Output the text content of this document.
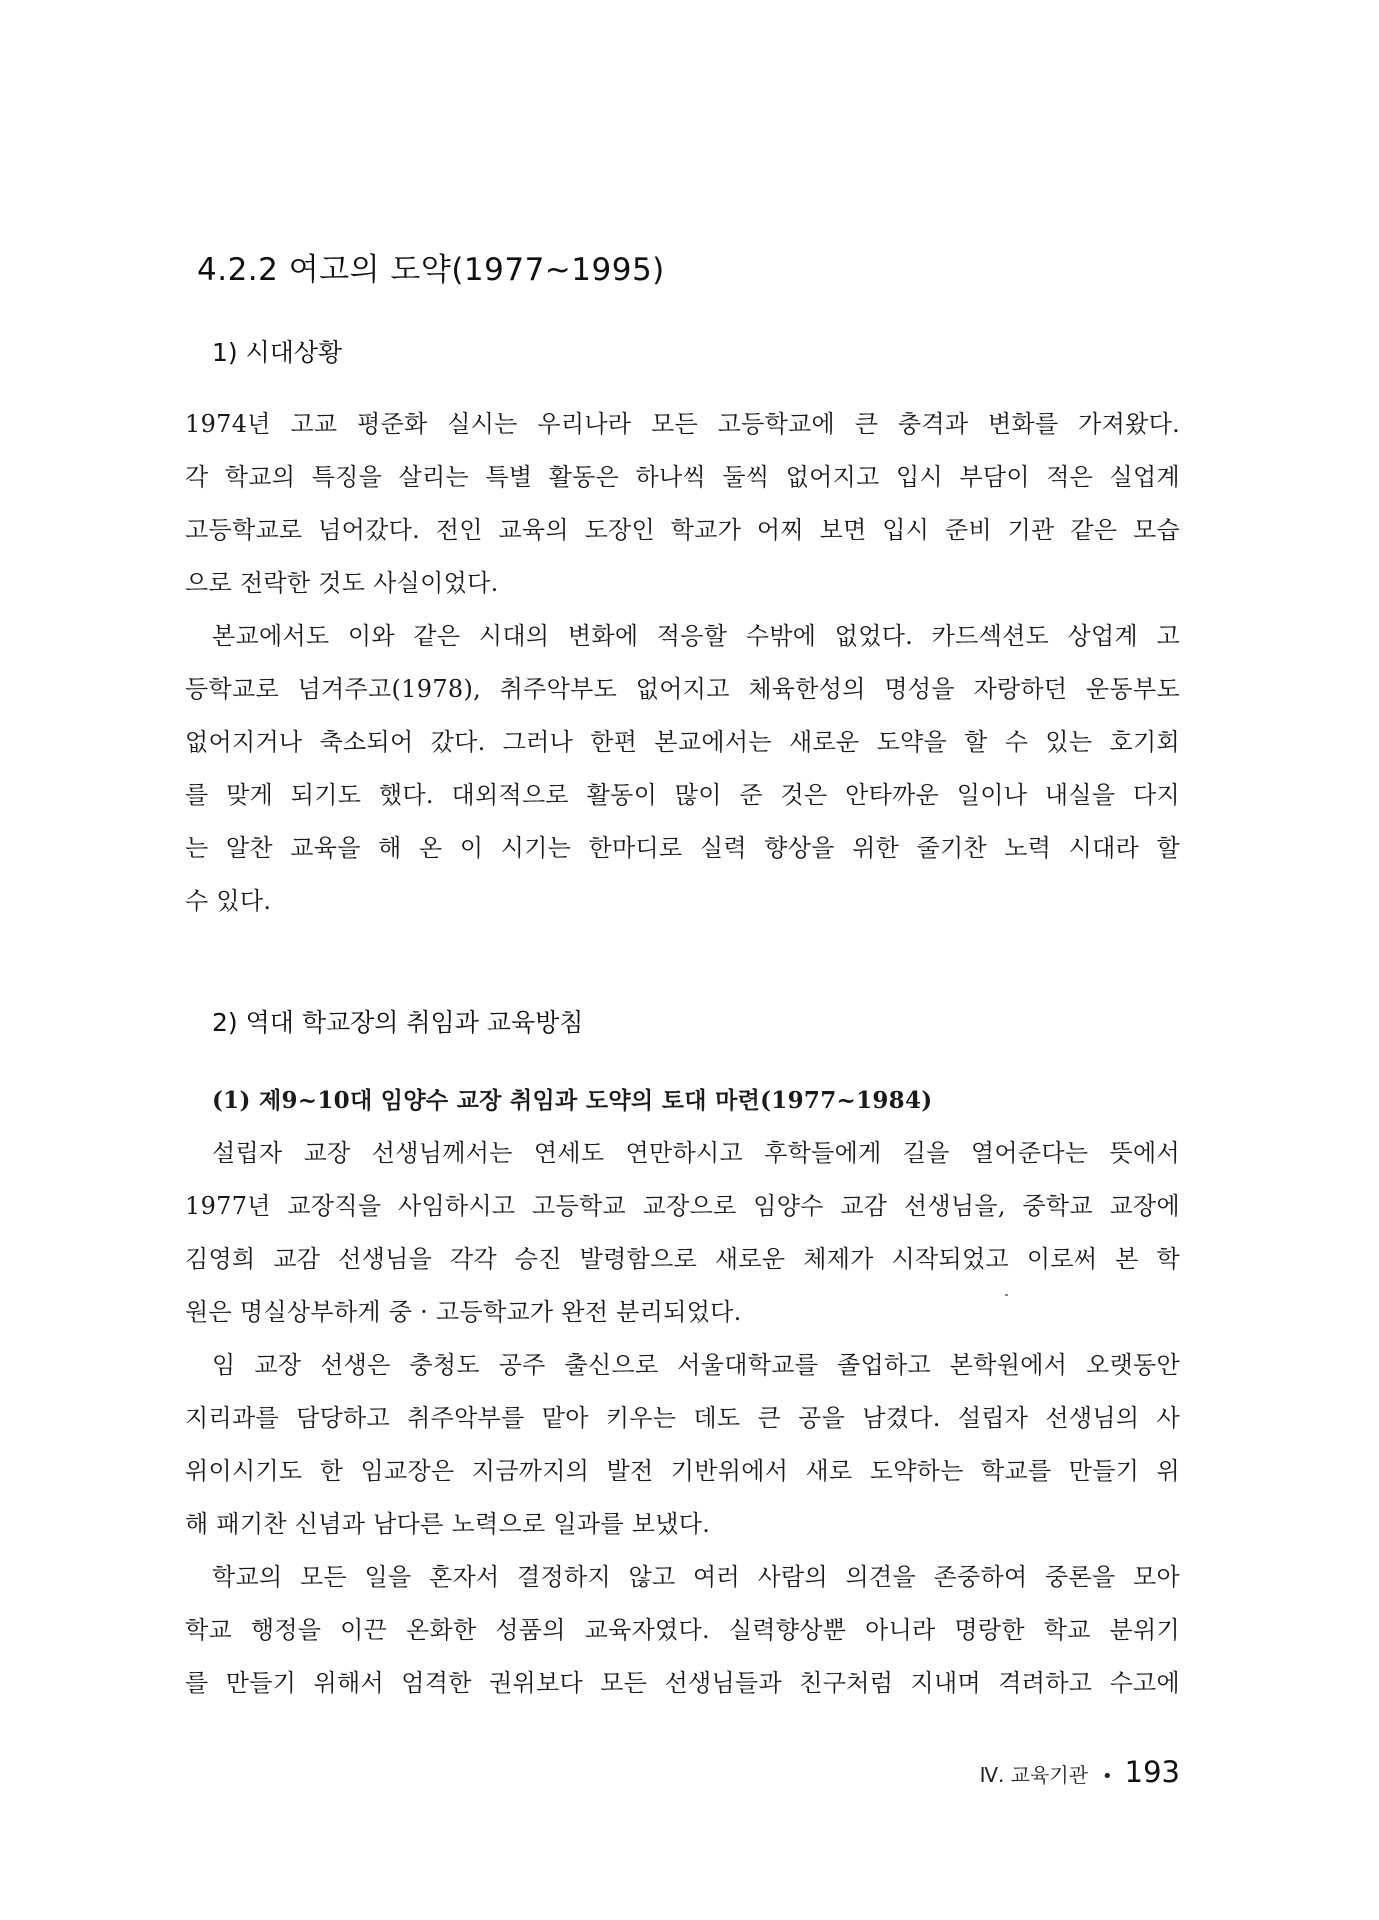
4.2.2 여고의 도약(1977~1995)
1) 시대상황
1974년 고교 평준화 실시는 우리나라 모든 고등학교에 큰 충격과 변화를 가져왔다.
각 학교의 특징을 살리는 특별 활동은 하나씩 둘씩 없어지고 입시 부담이 적은 실업계
고등학교로 넘어갔다. 전인 교육의 도장인 학교가 어찌 보면 입시 준비 기관 같은 모습
으로 전락한 것도 사실이었다.
본교에서도 이와 같은 시대의 변화에 적응할 수밖에 없었다. 카드섹션도 상업계 고
등학교로 넘겨주고(1978), 취주악부도 없어지고 체육한성의 명성을 자랑하던 운동부도
없어지거나 축소되어 갔다. 그러나 한편 본교에서는 새로운 도약을 할 수 있는 호기회
를 맞게 되기도 했다. 대외적으로 활동이 많이 준 것은 안타까운 일이나 내실을 다지
는 알찬 교육을 해 온 이 시기는 한마디로 실력 향상을 위한 줄기찬 노력 시대라 할
수 있다.
2) 역대 학교장의 취임과 교육방침
(1) 제9~10대 임양수 교장 취임과 도약의 토대 마련(1977~1984)
설립자 교장 선생님께서는 연세도 연만하시고 후학들에게 길을 열어준다는 뜻에서
1977년 교장직을 사임하시고 고등학교 교장으로 임양수 교감 선생님을, 중학교 교장에
김영희 교감 선생님을 각각 승진 발령함으로 새로운 체제가 시작되었고 이로써 본 학
원은 명실상부하게 중 · 고등학교가 완전 분리되었다.
임 교장 선생은 충청도 공주 출신으로 서울대학교를 졸업하고 본학원에서 오랫동안
지리과를 담당하고 취주악부를 맡아 키우는 데도 큰 공을 남겼다. 설립자 선생님의 사
위이시기도 한 임교장은 지금까지의 발전 기반위에서 새로 도약하는 학교를 만들기 위
해 패기찬 신념과 남다른 노력으로 일과를 보냈다.
학교의 모든 일을 혼자서 결정하지 않고 여러 사람의 의견을 존중하여 중론을 모아
학교 행정을 이끈 온화한 성품의 교육자였다. 실력향상뿐 아니라 명랑한 학교 분위기
를 만들기 위해서 엄격한 권위보다 모든 선생님들과 친구처럼 지내며 격려하고 수고에
Ⅳ. 교육기관 • 193
